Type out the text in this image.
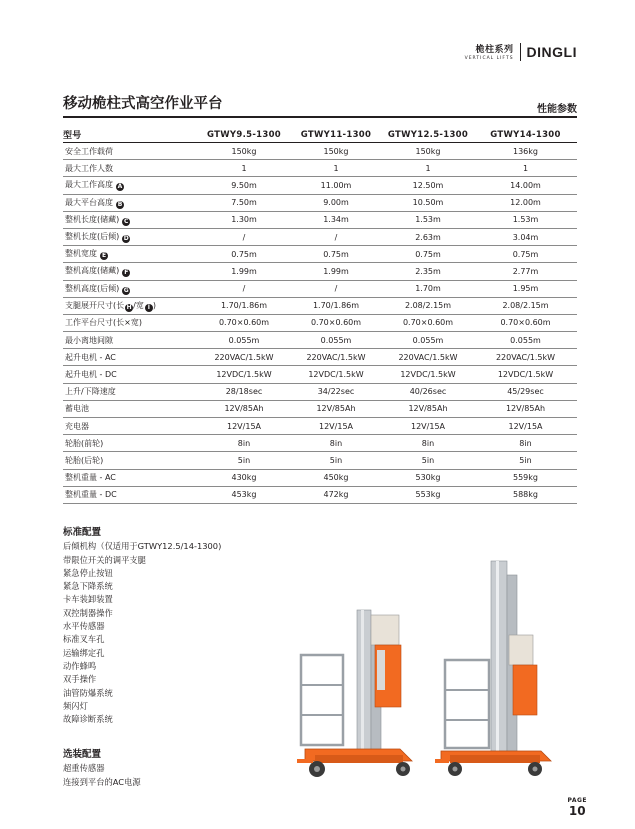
桅柱系列
VERTICAL LIFTS DINGLI
移动桅柱式高空作业平台	性能参数
型号	GTWY9.5-1300	GTWY11-1300	GTWY12.5-1300	GTWY14-1300
安全工作载荷	150kg	150kg	150kg	136kg
最大工作人数	1	1	1	1
最大工作高度 A	9.50m	11.00m	12.50m	14.00m
最大平台高度 B	7.50m	9.00m	10.50m	12.00m
整机长度(储藏) C	1.30m	1.34m	1.53m	1.53m
整机长度(后倾) D	/	/	2.63m	3.04m
整机宽度 E	0.75m	0.75m	0.75m	0.75m
整机高度(储藏) F	1.99m	1.99m	2.35m	2.77m
整机高度(后倾) G	/	/	1.70m	1.95m
支腿展开尺寸(长 H/宽 I )	1.70/1.86m	1.70/1.86m	2.08/2.15m	2.08/2.15m
工作平台尺寸(长×宽)	0.70×0.60m	0.70×0.60m	0.70×0.60m	0.70×0.60m
最小离地间隙	0.055m	0.055m	0.055m	0.055m
起升电机 - AC	220VAC/1.5kW	220VAC/1.5kW	220VAC/1.5kW	220VAC/1.5kW
起升电机 - DC	12VDC/1.5kW	12VDC/1.5kW	12VDC/1.5kW	12VDC/1.5kW
上升/下降速度	28/18sec	34/22sec	40/26sec	45/29sec
蓄电池	12V/85Ah	12V/85Ah	12V/85Ah	12V/85Ah
充电器	12V/15A	12V/15A	12V/15A	12V/15A
轮胎(前轮)	8in	8in	8in	8in
轮胎(后轮)	5in	5in	5in	5in
整机重量 - AC	430kg	450kg	530kg	559kg
整机重量 - DC	453kg	472kg	553kg	588kg
标准配置
后倾机构（仅适用于GTWY12.5/14-1300)
带限位开关的调平支腿
紧急停止按钮
紧急下降系统
卡车装卸装置
双控制器操作
水平传感器
标准叉车孔
运输绑定孔
动作蜂鸣
双手操作
油管防爆系统
频闪灯
故障诊断系统
选装配置
超重传感器
连接到平台的AC电源
PAGE
10
